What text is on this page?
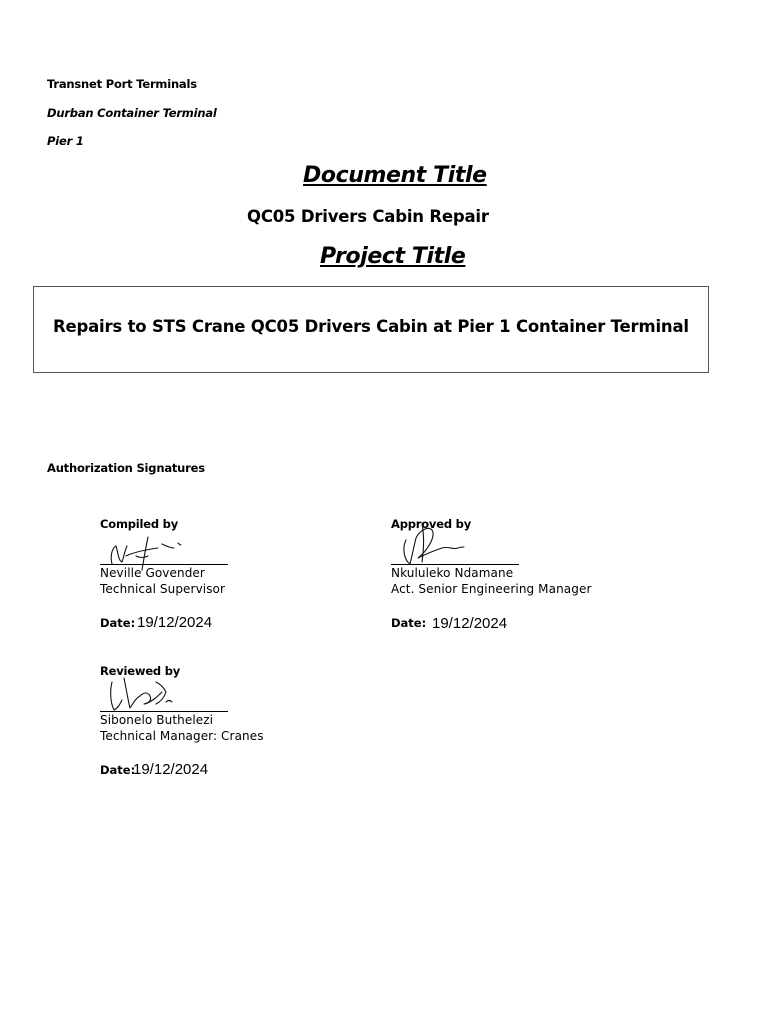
Transnet Port Terminals
Durban Container Terminal
Pier 1
Document Title
QC05 Drivers Cabin Repair
Project Title
Repairs to STS Crane QC05 Drivers Cabin at Pier 1 Container Terminal
Authorization Signatures
Compiled by
Neville Govender
Technical Supervisor
Date: 19/12/2024
Approved by
Nkululeko Ndamane
Act. Senior Engineering Manager
Date: 19/12/2024
Reviewed by
Sibonelo Buthelezi
Technical Manager: Cranes
Date:
19/12/2024
